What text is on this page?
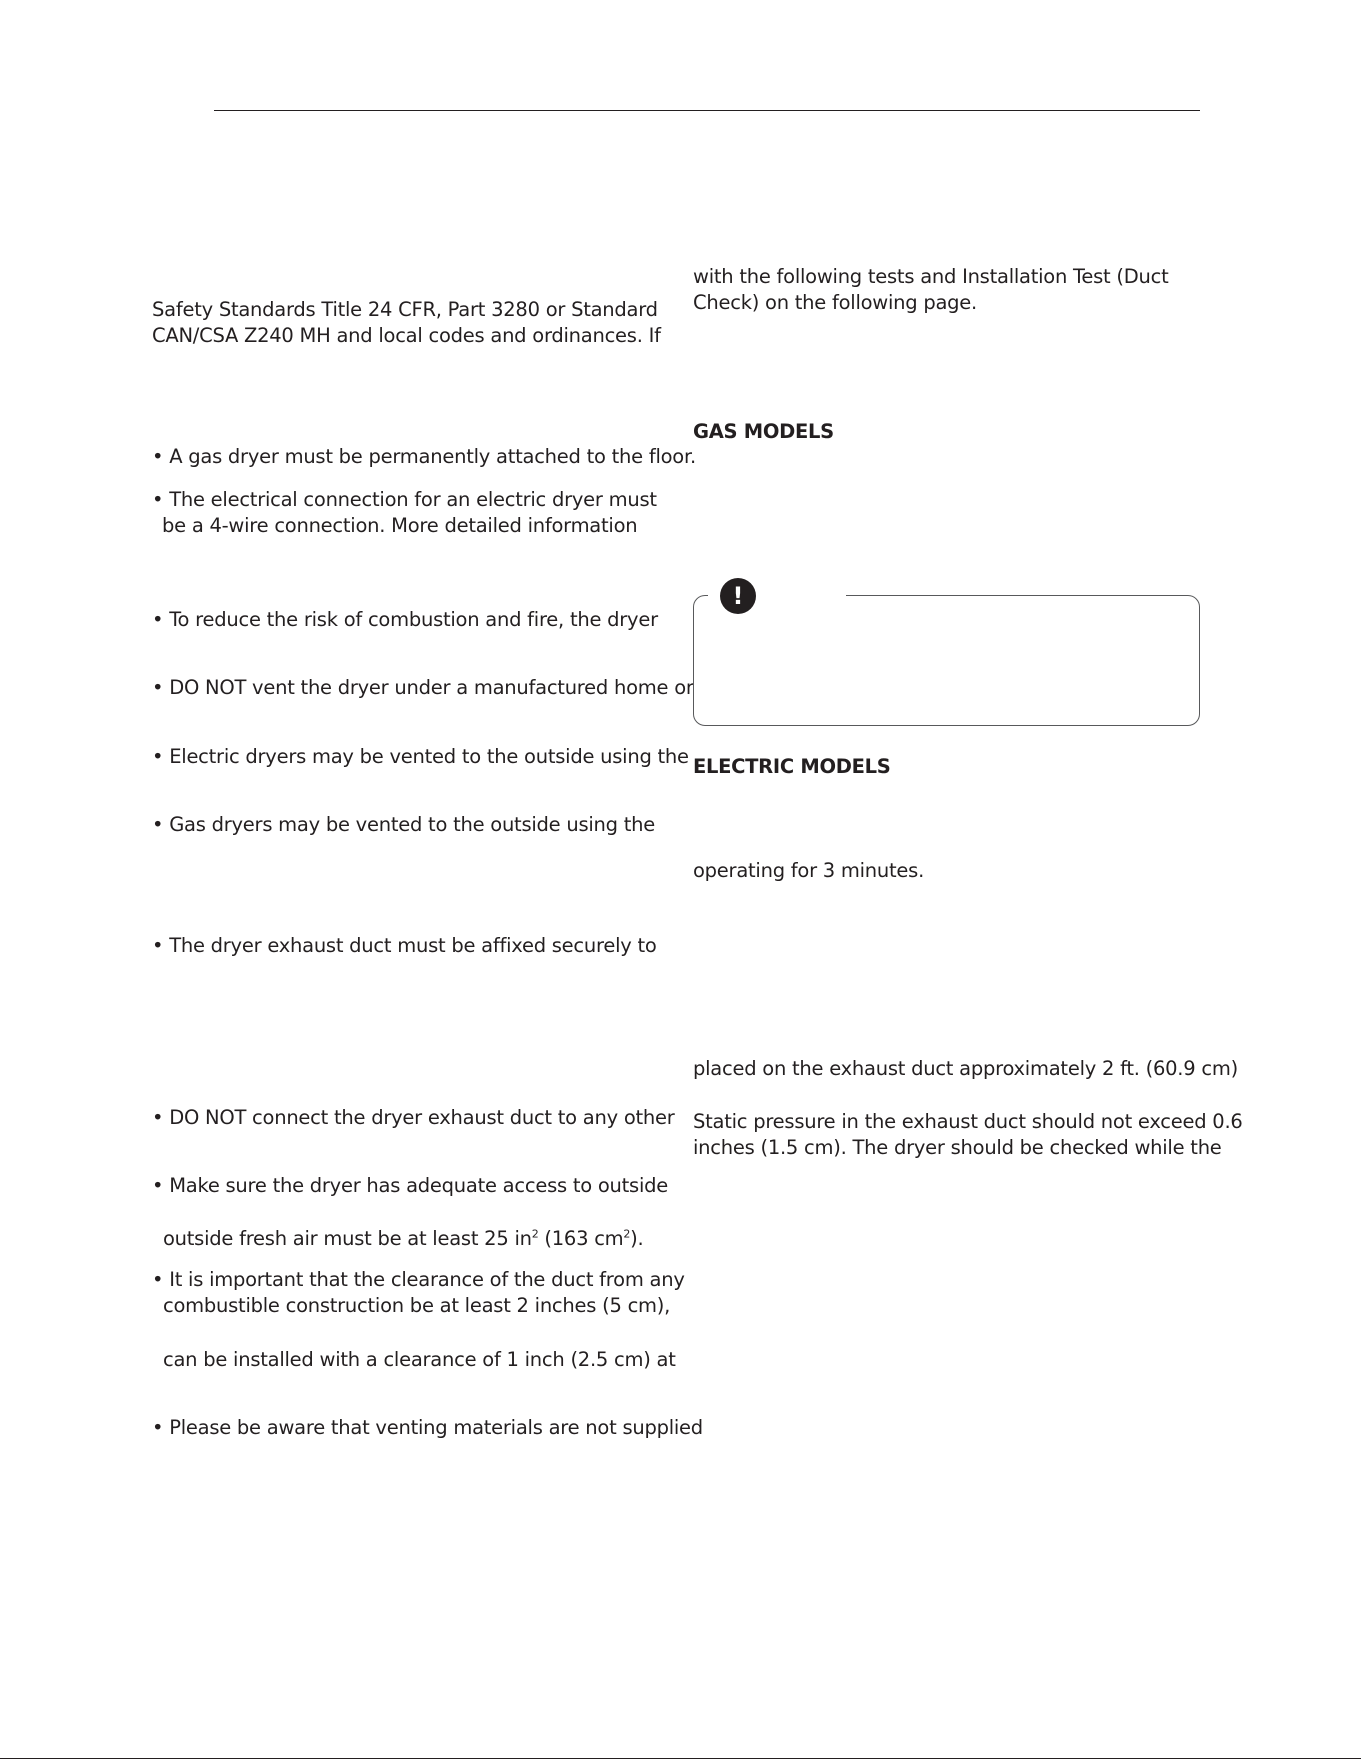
Safety Standards Title 24 CFR, Part 3280 or Standard
CAN/CSA Z240 MH and local codes and ordinances. If
• A gas dryer must be permanently attached to the floor.
• The electrical connection for an electric dryer must
be a 4-wire connection. More detailed information
• To reduce the risk of combustion and fire, the dryer
• DO NOT vent the dryer under a manufactured home or
• Electric dryers may be vented to the outside using the
• Gas dryers may be vented to the outside using the
• The dryer exhaust duct must be affixed securely to
• DO NOT connect the dryer exhaust duct to any other
• Make sure the dryer has adequate access to outside
outside fresh air must be at least 25 $in^2$ (163 $cm^2$).
• It is important that the clearance of the duct from any
combustible construction be at least 2 inches (5 cm),
can be installed with a clearance of 1 inch (2.5 cm) at
• Please be aware that venting materials are not supplied
with the following tests and Installation Test (Duct
Check) on the following page.
GAS MODELS
!
ELECTRIC MODELS
operating for 3 minutes.
placed on the exhaust duct approximately 2 ft. (60.9 cm)
Static pressure in the exhaust duct should not exceed 0.6
inches (1.5 cm). The dryer should be checked while the
